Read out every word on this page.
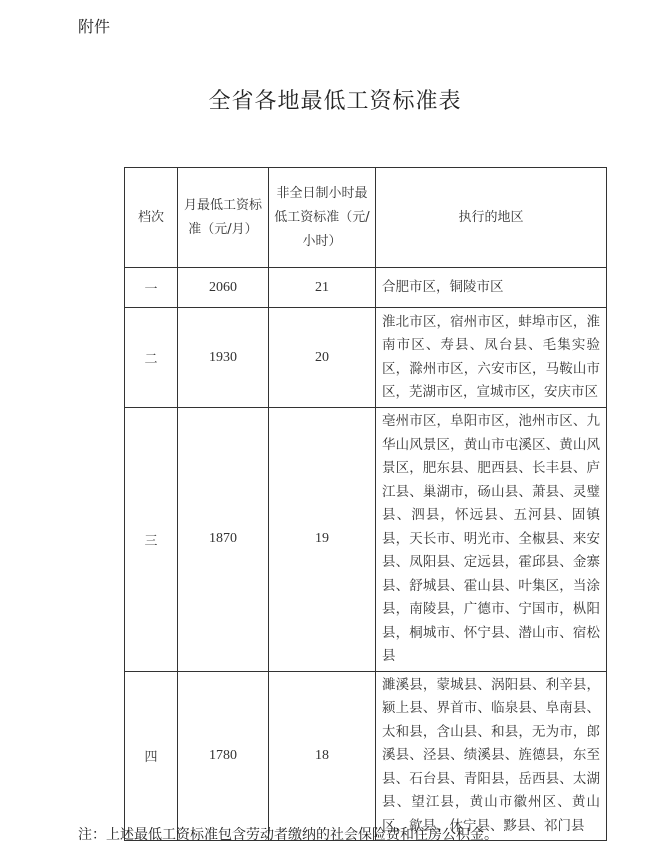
附件
全省各地最低工资标准表
档次	月最低工资标准（元/月）	非全日制小时最低工资标准（元/小时）	执行的地区
一	2060	21	合肥市区，铜陵市区
二	1930	20	淮北市区，宿州市区，蚌埠市区，淮南市区、寿县、凤台县、毛集实验区，滁州市区，六安市区，马鞍山市区，芜湖市区，宣城市区，安庆市区
三	1870	19	亳州市区，阜阳市区，池州市区、九华山风景区，黄山市屯溪区、黄山风景区，肥东县、肥西县、长丰县、庐江县、巢湖市，砀山县、萧县、灵璧县、泗县，怀远县、五河县、固镇县，天长市、明光市、全椒县、来安县、凤阳县、定远县，霍邱县、金寨县、舒城县、霍山县、叶集区，当涂县，南陵县，广德市、宁国市，枞阳县，桐城市、怀宁县、潜山市、宿松县
四	1780	18	濉溪县，蒙城县、涡阳县、利辛县，颍上县、界首市、临泉县、阜南县、太和县，含山县、和县，无为市，郎溪县、泾县、绩溪县、旌德县，东至县、石台县、青阳县，岳西县、太湖县、望江县，黄山市徽州区、黄山区、歙县、休宁县、黟县、祁门县
注：上述最低工资标准包含劳动者缴纳的社会保险费和住房公积金。
